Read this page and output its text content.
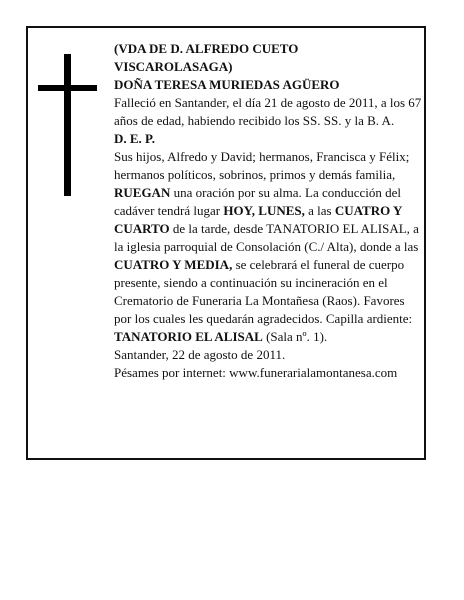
(VDA DE D. ALFREDO CUETO

VISCAROLASAGA)

DOÑA TERESA MURIEDAS AGÜERO

Falleció en Santander, el día 21 de agosto de 2011, a los 67 años de edad, habiendo recibido los SS. SS. y la B. A.

D. E. P.

Sus hijos, Alfredo y David; hermanos, Francisca y Félix; hermanos políticos, sobrinos, primos y demás familia,

RUEGAN una oración por su alma. La conducción del cadáver tendrá lugar HOY, LUNES, a las CUATRO Y CUARTO de la tarde, desde TANATORIO EL ALISAL, a la iglesia parroquial de Consolación (C./ Alta), donde a las CUATRO Y MEDIA, se celebrará el funeral de cuerpo presente, siendo a continuación su incineración en el Crematorio de Funeraria La Montañesa (Raos). Favores por los cuales les quedarán agradecidos. Capilla ardiente: TANATORIO EL ALISAL (Sala nº. 1).

Santander, 22 de agosto de 2011.

Pésames por internet: www.funerarialamontanesa.com
